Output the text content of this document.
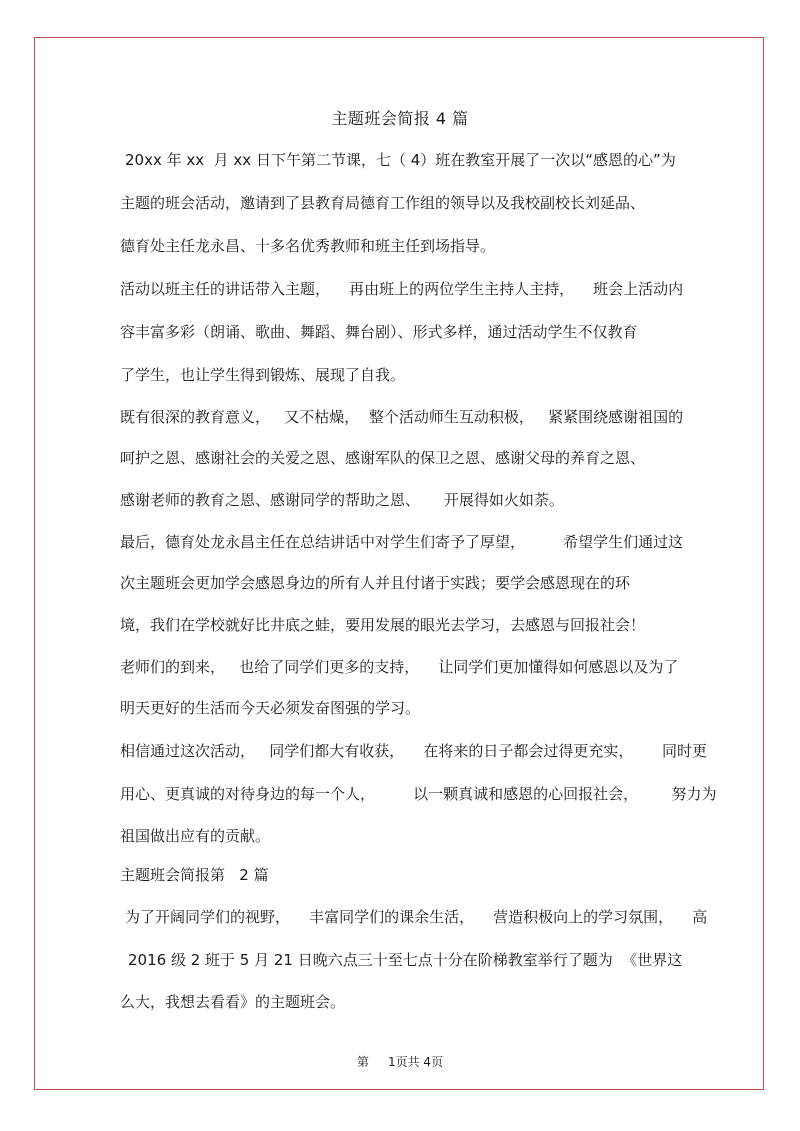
主题班会简报 4 篇
20xx 年 xx  月 xx 日下午第二节课，七（ 4）班在教室开展了一次以“感恩的心”为
主题的班会活动，邀请到了县教育局德育工作组的领导以及我校副校长刘延品、
德育处主任龙永昌、十多名优秀教师和班主任到场指导。
活动以班主任的讲话带入主题，    再由班上的两位学生主持人主持，    班会上活动内
容丰富多彩（朗诵、歌曲、舞蹈、舞台剧）、形式多样，通过活动学生不仅教育
了学生，也让学生得到锻炼、展现了自我。
既有很深的教育意义，   又不枯燥，  整个活动师生互动积极，   紧紧围绕感谢祖国的
呵护之恩、感谢社会的关爱之恩、感谢军队的保卫之恩、感谢父母的养育之恩、
感谢老师的教育之恩、感谢同学的帮助之恩、     开展得如火如荼。
最后，德育处龙永昌主任在总结讲话中对学生们寄予了厚望，        希望学生们通过这
次主题班会更加学会感恩身边的所有人并且付诸于实践；要学会感恩现在的环
境，我们在学校就好比井底之蛙，要用发展的眼光去学习，去感恩与回报社会！
老师们的到来，   也给了同学们更多的支持，    让同学们更加懂得如何感恩以及为了
明天更好的生活而今天必须发奋图强的学习。
相信通过这次活动，   同学们都大有收获，    在将来的日子都会过得更充实，      同时更
用心、更真诚的对待身边的每一个人，        以一颗真诚和感恩的心回报社会，       努力为
祖国做出应有的贡献。
主题班会简报第   2 篇
为了开阔同学们的视野，    丰富同学们的课余生活，    营造积极向上的学习氛围，    高
2016 级 2 班于 5 月 21 日晚六点三十至七点十分在阶梯教室举行了题为  《世界这
么大，我想去看看》的主题班会。
第     1页共 4页
